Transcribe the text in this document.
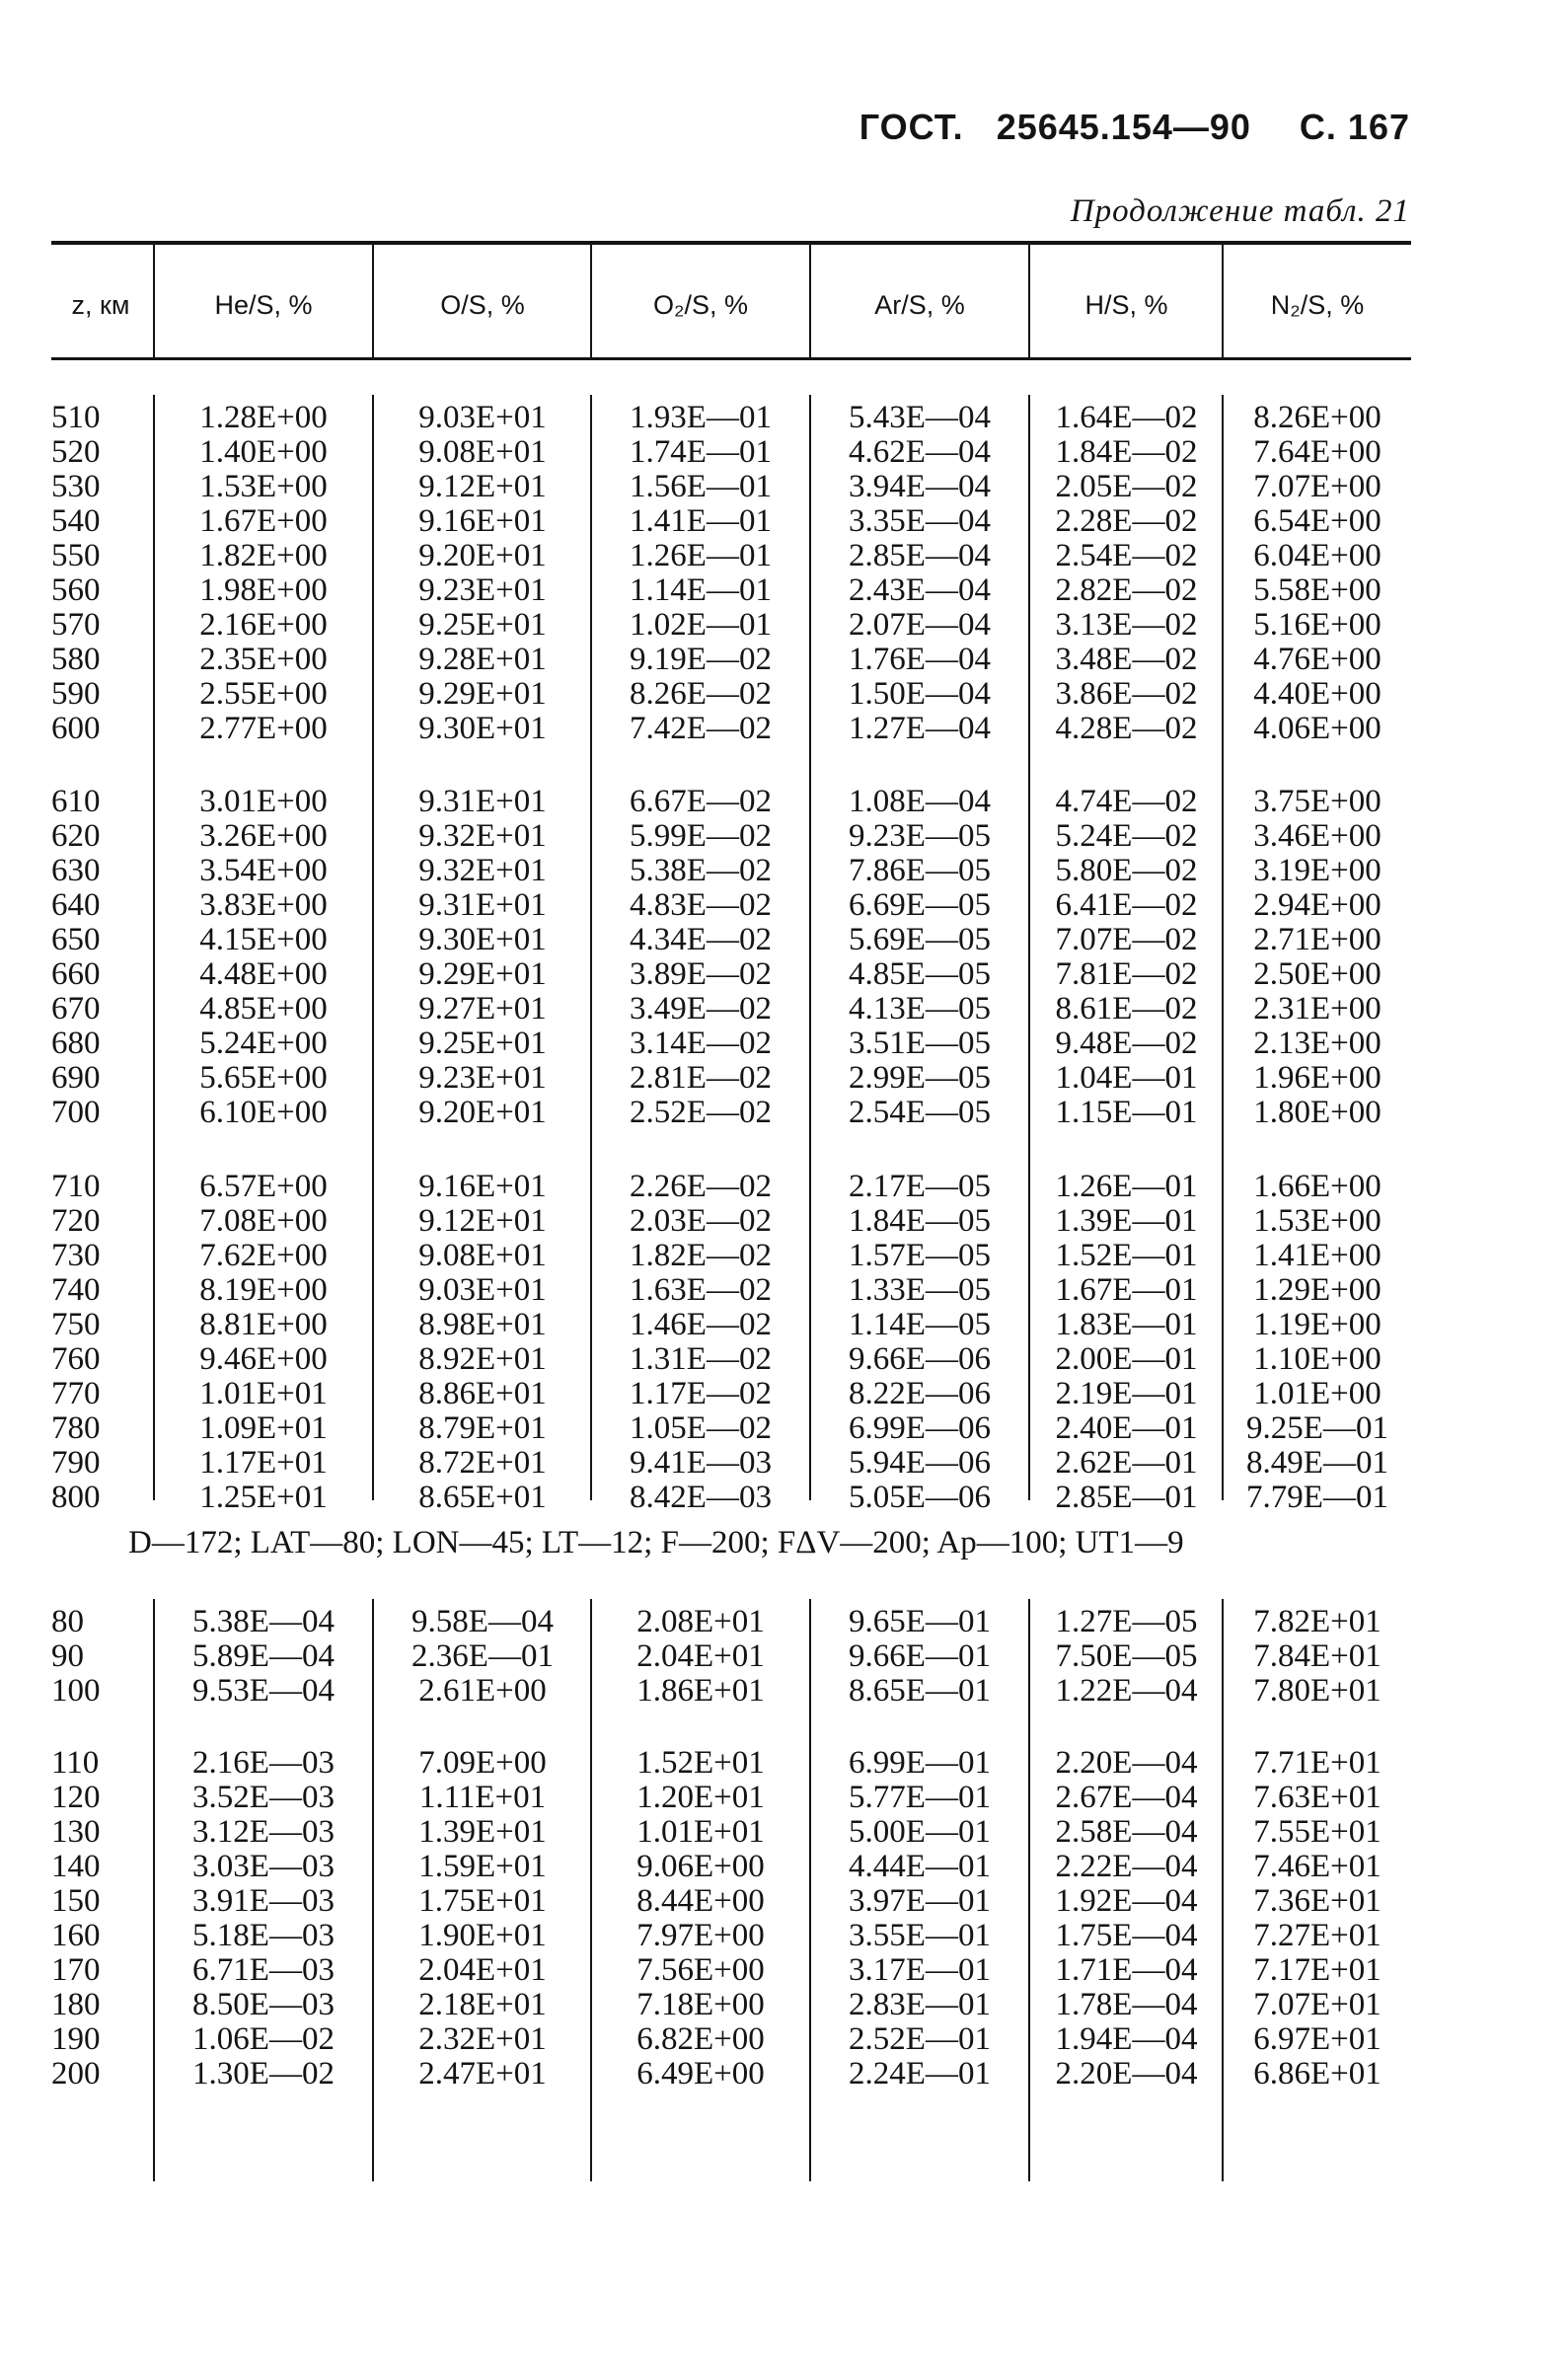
ГОСТ. 25645.154—90 С. 167
Продолжение табл. 21
z, км	He/S, %	O/S, %	O₂/S, %	Ar/S, %	H/S, %	N₂/S, %
510	1.28E+00	9.03E+01	1.93E—01	5.43E—04	1.64E—02	8.26E+00
520	1.40E+00	9.08E+01	1.74E—01	4.62E—04	1.84E—02	7.64E+00
530	1.53E+00	9.12E+01	1.56E—01	3.94E—04	2.05E—02	7.07E+00
540	1.67E+00	9.16E+01	1.41E—01	3.35E—04	2.28E—02	6.54E+00
550	1.82E+00	9.20E+01	1.26E—01	2.85E—04	2.54E—02	6.04E+00
560	1.98E+00	9.23E+01	1.14E—01	2.43E—04	2.82E—02	5.58E+00
570	2.16E+00	9.25E+01	1.02E—01	2.07E—04	3.13E—02	5.16E+00
580	2.35E+00	9.28E+01	9.19E—02	1.76E—04	3.48E—02	4.76E+00
590	2.55E+00	9.29E+01	8.26E—02	1.50E—04	3.86E—02	4.40E+00
600	2.77E+00	9.30E+01	7.42E—02	1.27E—04	4.28E—02	4.06E+00
610	3.01E+00	9.31E+01	6.67E—02	1.08E—04	4.74E—02	3.75E+00
620	3.26E+00	9.32E+01	5.99E—02	9.23E—05	5.24E—02	3.46E+00
630	3.54E+00	9.32E+01	5.38E—02	7.86E—05	5.80E—02	3.19E+00
640	3.83E+00	9.31E+01	4.83E—02	6.69E—05	6.41E—02	2.94E+00
650	4.15E+00	9.30E+01	4.34E—02	5.69E—05	7.07E—02	2.71E+00
660	4.48E+00	9.29E+01	3.89E—02	4.85E—05	7.81E—02	2.50E+00
670	4.85E+00	9.27E+01	3.49E—02	4.13E—05	8.61E—02	2.31E+00
680	5.24E+00	9.25E+01	3.14E—02	3.51E—05	9.48E—02	2.13E+00
690	5.65E+00	9.23E+01	2.81E—02	2.99E—05	1.04E—01	1.96E+00
700	6.10E+00	9.20E+01	2.52E—02	2.54E—05	1.15E—01	1.80E+00
710	6.57E+00	9.16E+01	2.26E—02	2.17E—05	1.26E—01	1.66E+00
720	7.08E+00	9.12E+01	2.03E—02	1.84E—05	1.39E—01	1.53E+00
730	7.62E+00	9.08E+01	1.82E—02	1.57E—05	1.52E—01	1.41E+00
740	8.19E+00	9.03E+01	1.63E—02	1.33E—05	1.67E—01	1.29E+00
750	8.81E+00	8.98E+01	1.46E—02	1.14E—05	1.83E—01	1.19E+00
760	9.46E+00	8.92E+01	1.31E—02	9.66E—06	2.00E—01	1.10E+00
770	1.01E+01	8.86E+01	1.17E—02	8.22E—06	2.19E—01	1.01E+00
780	1.09E+01	8.79E+01	1.05E—02	6.99E—06	2.40E—01	9.25E—01
790	1.17E+01	8.72E+01	9.41E—03	5.94E—06	2.62E—01	8.49E—01
800	1.25E+01	8.65E+01	8.42E—03	5.05E—06	2.85E—01	7.79E—01
80	5.38E—04	9.58E—04	2.08E+01	9.65E—01	1.27E—05	7.82E+01
90	5.89E—04	2.36E—01	2.04E+01	9.66E—01	7.50E—05	7.84E+01
100	9.53E—04	2.61E+00	1.86E+01	8.65E—01	1.22E—04	7.80E+01
110	2.16E—03	7.09E+00	1.52E+01	6.99E—01	2.20E—04	7.71E+01
120	3.52E—03	1.11E+01	1.20E+01	5.77E—01	2.67E—04	7.63E+01
130	3.12E—03	1.39E+01	1.01E+01	5.00E—01	2.58E—04	7.55E+01
140	3.03E—03	1.59E+01	9.06E+00	4.44E—01	2.22E—04	7.46E+01
150	3.91E—03	1.75E+01	8.44E+00	3.97E—01	1.92E—04	7.36E+01
160	5.18E—03	1.90E+01	7.97E+00	3.55E—01	1.75E—04	7.27E+01
170	6.71E—03	2.04E+01	7.56E+00	3.17E—01	1.71E—04	7.17E+01
180	8.50E—03	2.18E+01	7.18E+00	2.83E—01	1.78E—04	7.07E+01
190	1.06E—02	2.32E+01	6.82E+00	2.52E—01	1.94E—04	6.97E+01
200	1.30E—02	2.47E+01	6.49E+00	2.24E—01	2.20E—04	6.86E+01
D—172; LAT—80; LON—45; LT—12; F—200; FΔV—200; Ap—100; UT1—9
